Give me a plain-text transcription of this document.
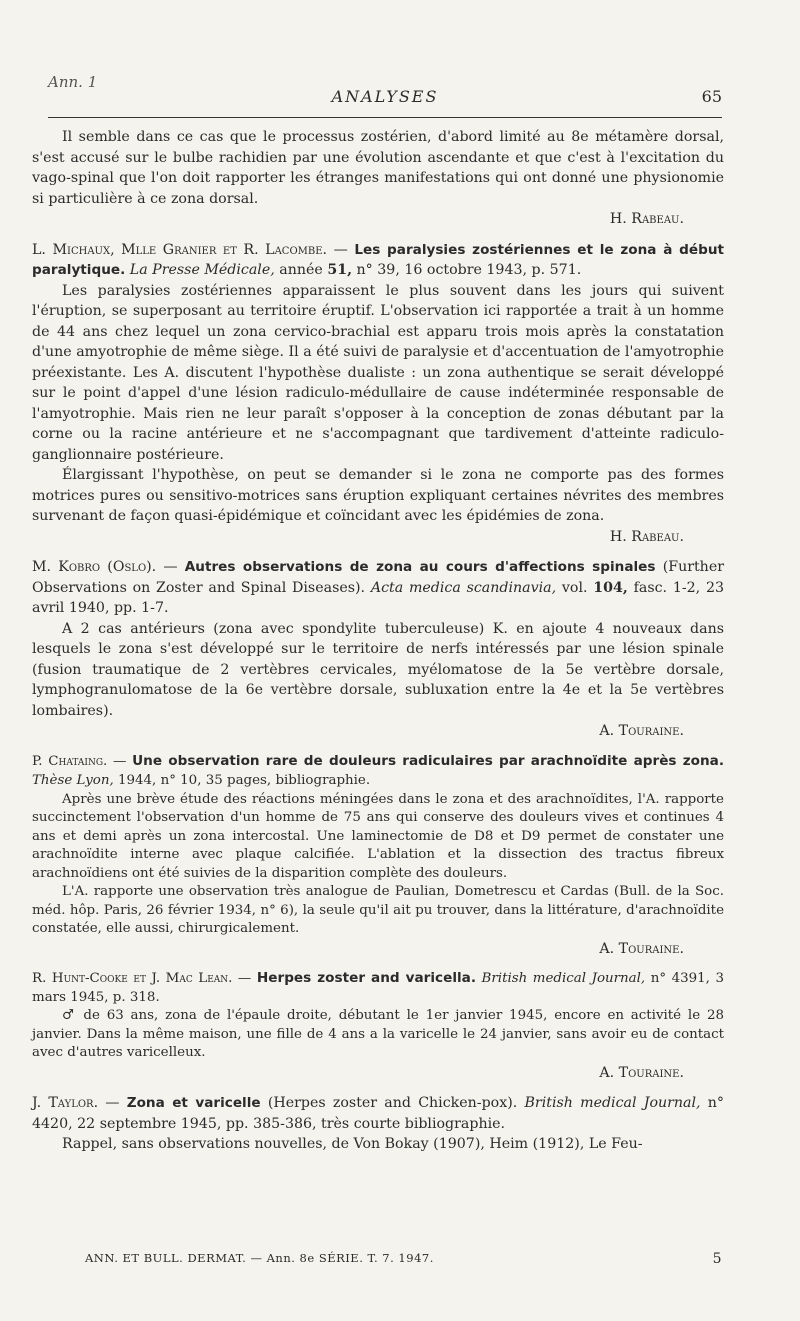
Ann. 1
ANALYSES	65

Il semble dans ce cas que le processus zostérien, d'abord limité au 8e métamère dorsal, s'est accusé sur le bulbe rachidien par une évolution ascendante et que c'est à l'excitation du vago-spinal que l'on doit rapporter les étranges manifestations qui ont donné une physionomie si particulière à ce zona dorsal.

H. Rabeau.
L. Michaux, Mlle Granier et R. Lacombe. — Les paralysies zostériennes et le zona à début paralytique. La Presse Médicale, année 51, n° 39, 16 octobre 1943, p. 571.

Les paralysies zostériennes apparaissent le plus souvent dans les jours qui suivent l'éruption, se superposant au territoire éruptif. L'observation ici rapportée a trait à un homme de 44 ans chez lequel un zona cervico-brachial est apparu trois mois après la constatation d'une amyotrophie de même siège. Il a été suivi de paralysie et d'accentuation de l'amyotrophie préexistante. Les A. discutent l'hypothèse dualiste : un zona authentique se serait développé sur le point d'appel d'une lésion radiculo-médullaire de cause indéterminée responsable de l'amyotrophie. Mais rien ne leur paraît s'opposer à la conception de zonas débutant par la corne ou la racine antérieure et ne s'accompagnant que tardivement d'atteinte radiculo-ganglionnaire postérieure.

Élargissant l'hypothèse, on peut se demander si le zona ne comporte pas des formes motrices pures ou sensitivo-motrices sans éruption expliquant certaines névrites des membres survenant de façon quasi-épidémique et coïncidant avec les épidémies de zona.

H. Rabeau.
M. Kobro (Oslo). — Autres observations de zona au cours d'affections spinales (Further Observations on Zoster and Spinal Diseases). Acta medica scandinavia, vol. 104, fasc. 1-2, 23 avril 1940, pp. 1-7.

A 2 cas antérieurs (zona avec spondylite tuberculeuse) K. en ajoute 4 nouveaux dans lesquels le zona s'est développé sur le territoire de nerfs intéressés par une lésion spinale (fusion traumatique de 2 vertèbres cervicales, myélomatose de la 5e vertèbre dorsale, lymphogranulomatose de la 6e vertèbre dorsale, subluxation entre la 4e et la 5e vertèbres lombaires).

A. Touraine.
P. Chataing. — Une observation rare de douleurs radiculaires par arachnoïdite après zona. Thèse Lyon, 1944, n° 10, 35 pages, bibliographie.

Après une brève étude des réactions méningées dans le zona et des arachnoïdites, l'A. rapporte succinctement l'observation d'un homme de 75 ans qui conserve des douleurs vives et continues 4 ans et demi après un zona intercostal. Une laminectomie de D8 et D9 permet de constater une arachnoïdite interne avec plaque calcifiée. L'ablation et la dissection des tractus fibreux arachnoïdiens ont été suivies de la disparition complète des douleurs.

L'A. rapporte une observation très analogue de Paulian, Dometrescu et Cardas (Bull. de la Soc. méd. hôp. Paris, 26 février 1934, n° 6), la seule qu'il ait pu trouver, dans la littérature, d'arachnoïdite constatée, elle aussi, chirurgicalement.

A. Touraine.
R. Hunt-Cooke et J. Mac Lean. — Herpes zoster and varicella. British medical Journal, n° 4391, 3 mars 1945, p. 318.

♂ de 63 ans, zona de l'épaule droite, débutant le 1er janvier 1945, encore en activité le 28 janvier. Dans la même maison, une fille de 4 ans a la varicelle le 24 janvier, sans avoir eu de contact avec d'autres varicelleux.

A. Touraine.
J. Taylor. — Zona et varicelle (Herpes zoster and Chicken-pox). British medical Journal, n° 4420, 22 septembre 1945, pp. 385-386, très courte bibliographie.

Rappel, sans observations nouvelles, de Von Bokay (1907), Heim (1912), Le Feu-

ANN. ET BULL. DERMAT. — Ann. 8e SÉRIE. T. 7. 1947.	5
